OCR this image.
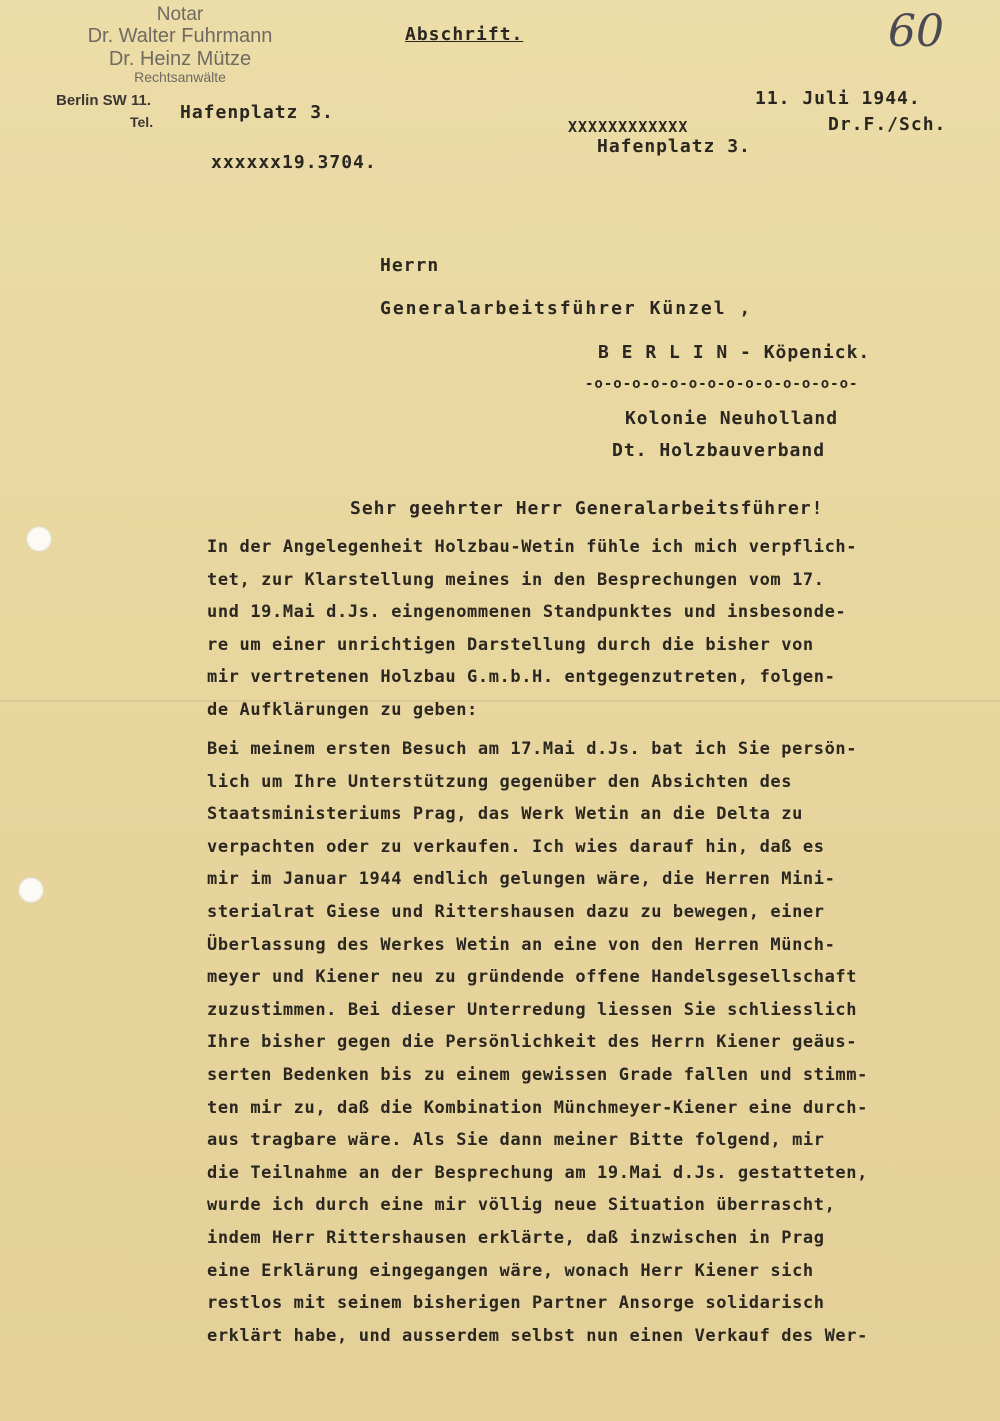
Notar
Dr. Walter Fuhrmann
Dr. Heinz Mütze
Rechtsanwälte
Berlin SW 11.
Tel.
Abschrift.	60
Hafenplatz 3.
11. Juli 1944.
Dr.F./Sch.
XXXXXXXXXXXX
Hafenplatz 3.
xxxxxx19.3704.
Herrn
Generalarbeitsführer Künzel ,
B E R L I N - Köpenick.
-o-o-o-o-o-o-o-o-o-o-o-o-o-o-
Kolonie Neuholland
Dt. Holzbauverband
Sehr geehrter Herr Generalarbeitsführer!
In der Angelegenheit Holzbau-Wetin fühle ich mich verpflich-
tet, zur Klarstellung meines in den Besprechungen vom 17.
und 19.Mai d.Js. eingenommenen Standpunktes und insbesonde-
re um einer unrichtigen Darstellung durch die bisher von
mir vertretenen Holzbau G.m.b.H. entgegenzutreten, folgen-
de Aufklärungen zu geben:
Bei meinem ersten Besuch am 17.Mai d.Js. bat ich Sie persön-
lich um Ihre Unterstützung gegenüber den Absichten des
Staatsministeriums Prag, das Werk Wetin an die Delta zu
verpachten oder zu verkaufen. Ich wies darauf hin, daß es
mir im Januar 1944 endlich gelungen wäre, die Herren Mini-
sterialrat Giese und Rittershausen dazu zu bewegen, einer
Überlassung des Werkes Wetin an eine von den Herren Münch-
meyer und Kiener neu zu gründende offene Handelsgesellschaft
zuzustimmen. Bei dieser Unterredung liessen Sie schliesslich
Ihre bisher gegen die Persönlichkeit des Herrn Kiener geäus-
serten Bedenken bis zu einem gewissen Grade fallen und stimm-
ten mir zu, daß die Kombination Münchmeyer-Kiener eine durch-
aus tragbare wäre. Als Sie dann meiner Bitte folgend, mir
die Teilnahme an der Besprechung am 19.Mai d.Js. gestatteten,
wurde ich durch eine mir völlig neue Situation überrascht,
indem Herr Rittershausen erklärte, daß inzwischen in Prag
eine Erklärung eingegangen wäre, wonach Herr Kiener sich
restlos mit seinem bisherigen Partner Ansorge solidarisch
erklärt habe, und ausserdem selbst nun einen Verkauf des Wer-
